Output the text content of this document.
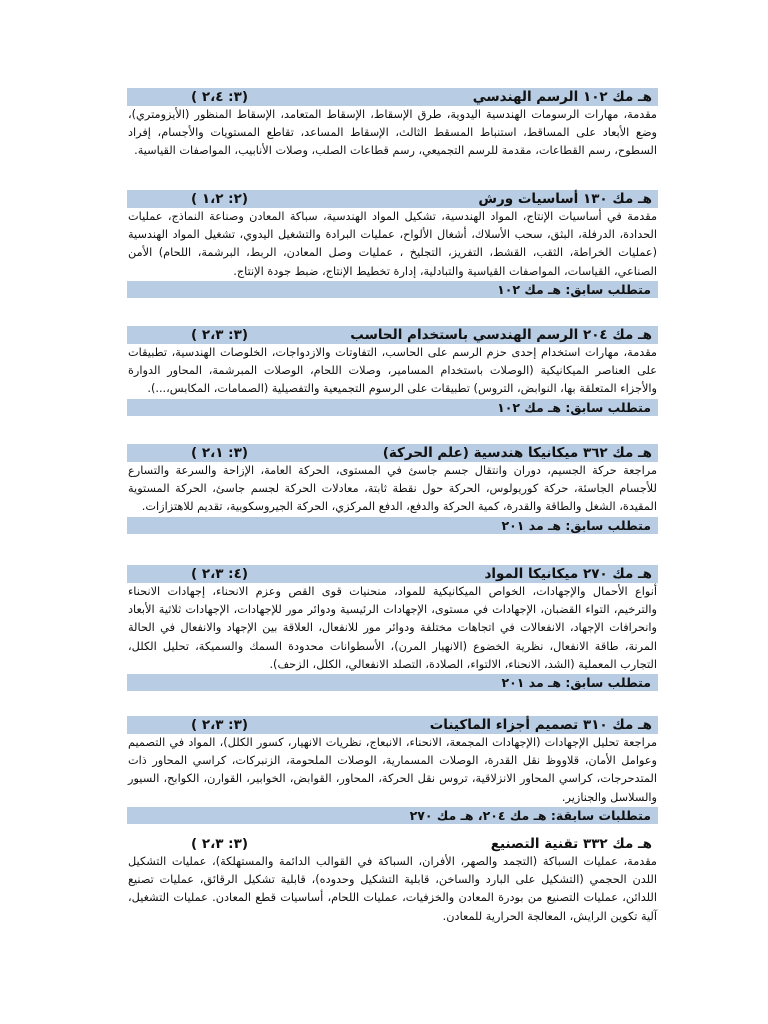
هـ مك ١٠٢ الرسم الهندسي
(٣: ٢،٤ )
مقدمة، مهارات الرسومات الهندسية اليدوية، طرق الإسقاط، الإسقاط المتعامد، الإسقاط المنظور (الأيزومتري)، وضع الأبعاد على المساقط، استنباط المسقط الثالث، الإسقاط المساعد، تقاطع المستويات والأجسام، إفراد السطوح، رسم القطاعات، مقدمة للرسم التجميعي، رسم قطاعات الصلب، وصلات الأنابيب، المواصفات القياسية.
هـ مك ١٣٠ أساسيات ورش
(٢: ١،٢ )
مقدمة في أساسيات الإنتاج، المواد الهندسية، تشكيل المواد الهندسية، سباكة المعادن وصناعة النماذج، عمليات الحدادة، الدرفلة، البثق، سحب الأسلاك، أشغال الألواح، عمليات البرادة والتشغيل اليدوي، تشغيل المواد الهندسية (عمليات الخراطة، الثقب، القشط، التفريز، التجليخ ، عمليات وصل المعادن، الربط، البرشمة، اللحام) الأمن الصناعي، القياسات، المواصفات القياسية والتبادلية، إدارة تخطيط الإنتاج، ضبط جودة الإنتاج.
متطلب سابق: هـ مك ١٠٢
هـ مك ٢٠٤ الرسم الهندسي باستخدام الحاسب
(٣: ٢،٣ )
مقدمة، مهارات استخدام إحدى حزم الرسم على الحاسب، التفاوتات والازدواجات، الخلوصات الهندسية، تطبيقات على العناصر الميكانيكية (الوصلات باستخدام المسامير، وصلات اللحام، الوصلات المبرشمة، المحاور الدوارة والأجزاء المتعلقة بها، النوابض، التروس) تطبيقات على الرسوم التجميعية والتفصيلية (الصمامات، المكابس،...).
متطلب سابق: هـ مك ١٠٢
هـ مك ٣٦٢ ميكانيكا هندسية (علم الحركة)
(٣: ٢،١ )
مراجعة حركة الجسيم، دوران وانتقال جسم جاسئ في المستوى، الحركة العامة، الإزاحة والسرعة والتسارع للأجسام الجاسئة، حركة كوريولوس، الحركة حول نقطة ثابتة، معادلات الحركة لجسم جاسئ، الحركة المستوية المقيدة، الشغل والطاقة والقدرة، كمية الحركة والدفع، الدفع المركزي، الحركة الجيروسكوبية، تقديم للاهتزازات.
متطلب سابق: هـ مد ٢٠١
هـ مك ٢٧٠ ميكانيكا المواد
(٤: ٢،٣ )
أنواع الأحمال والإجهادات، الخواص الميكانيكية للمواد، منحنيات قوى القص وعزم الانحناء، إجهادات الانحناء والترخيم، التواء القضبان، الإجهادات في مستوى، الإجهادات الرئيسية ودوائر مور للإجهادات، الإجهادات ثلاثية الأبعاد وانحرافات الإجهاد، الانفعالات في اتجاهات مختلفة ودوائر مور للانفعال، العلاقة بين الإجهاد والانفعال في الحالة المرنة، طاقة الانفعال، نظرية الخضوع (الانهيار المرن)، الأسطوانات محدودة السمك والسميكة، تحليل الكلل، التجارب المعملية (الشد، الانحناء، الالتواء، الصلادة، التصلد الانفعالي، الكلل، الزحف).
متطلب سابق: هـ مد ٢٠١
هـ مك ٣١٠ تصميم أجزاء الماكينات
(٣: ٢،٣ )
مراجعة تحليل الإجهادات (الإجهادات المجمعة، الانحناء، الانبعاج، نظريات الانهيار، كسور الكلل)، المواد في التصميم وعوامل الأمان، قلاووظ نقل القدرة، الوصلات المسمارية، الوصلات الملحومة، الزنبركات، كراسي المحاور ذات المتدحرجات، كراسي المحاور الانزلاقية، تروس نقل الحركة، المحاور، القوابض، الخوابير، القوارن، الكوابح، السيور والسلاسل والجنازير.
متطلبات سابقة: هـ مك ٢٠٤، هـ مك ٢٧٠
هـ مك ٣٣٢ تقنية التصنيع
(٣: ٢،٣ )
مقدمة، عمليات السباكة (التجمد والصهر، الأفران، السباكة في القوالب الدائمة والمستهلكة)، عمليات التشكيل اللدن الحجمي (التشكيل على البارد والساخن، قابلية التشكيل وحدوده)، قابلية تشكيل الرقائق، عمليات تصنيع اللدائن، عمليات التصنيع من بودرة المعادن والخزفيات، عمليات اللحام، أساسيات قطع المعادن. عمليات التشغيل، آلية تكوين الرايش، المعالجة الحرارية للمعادن.
